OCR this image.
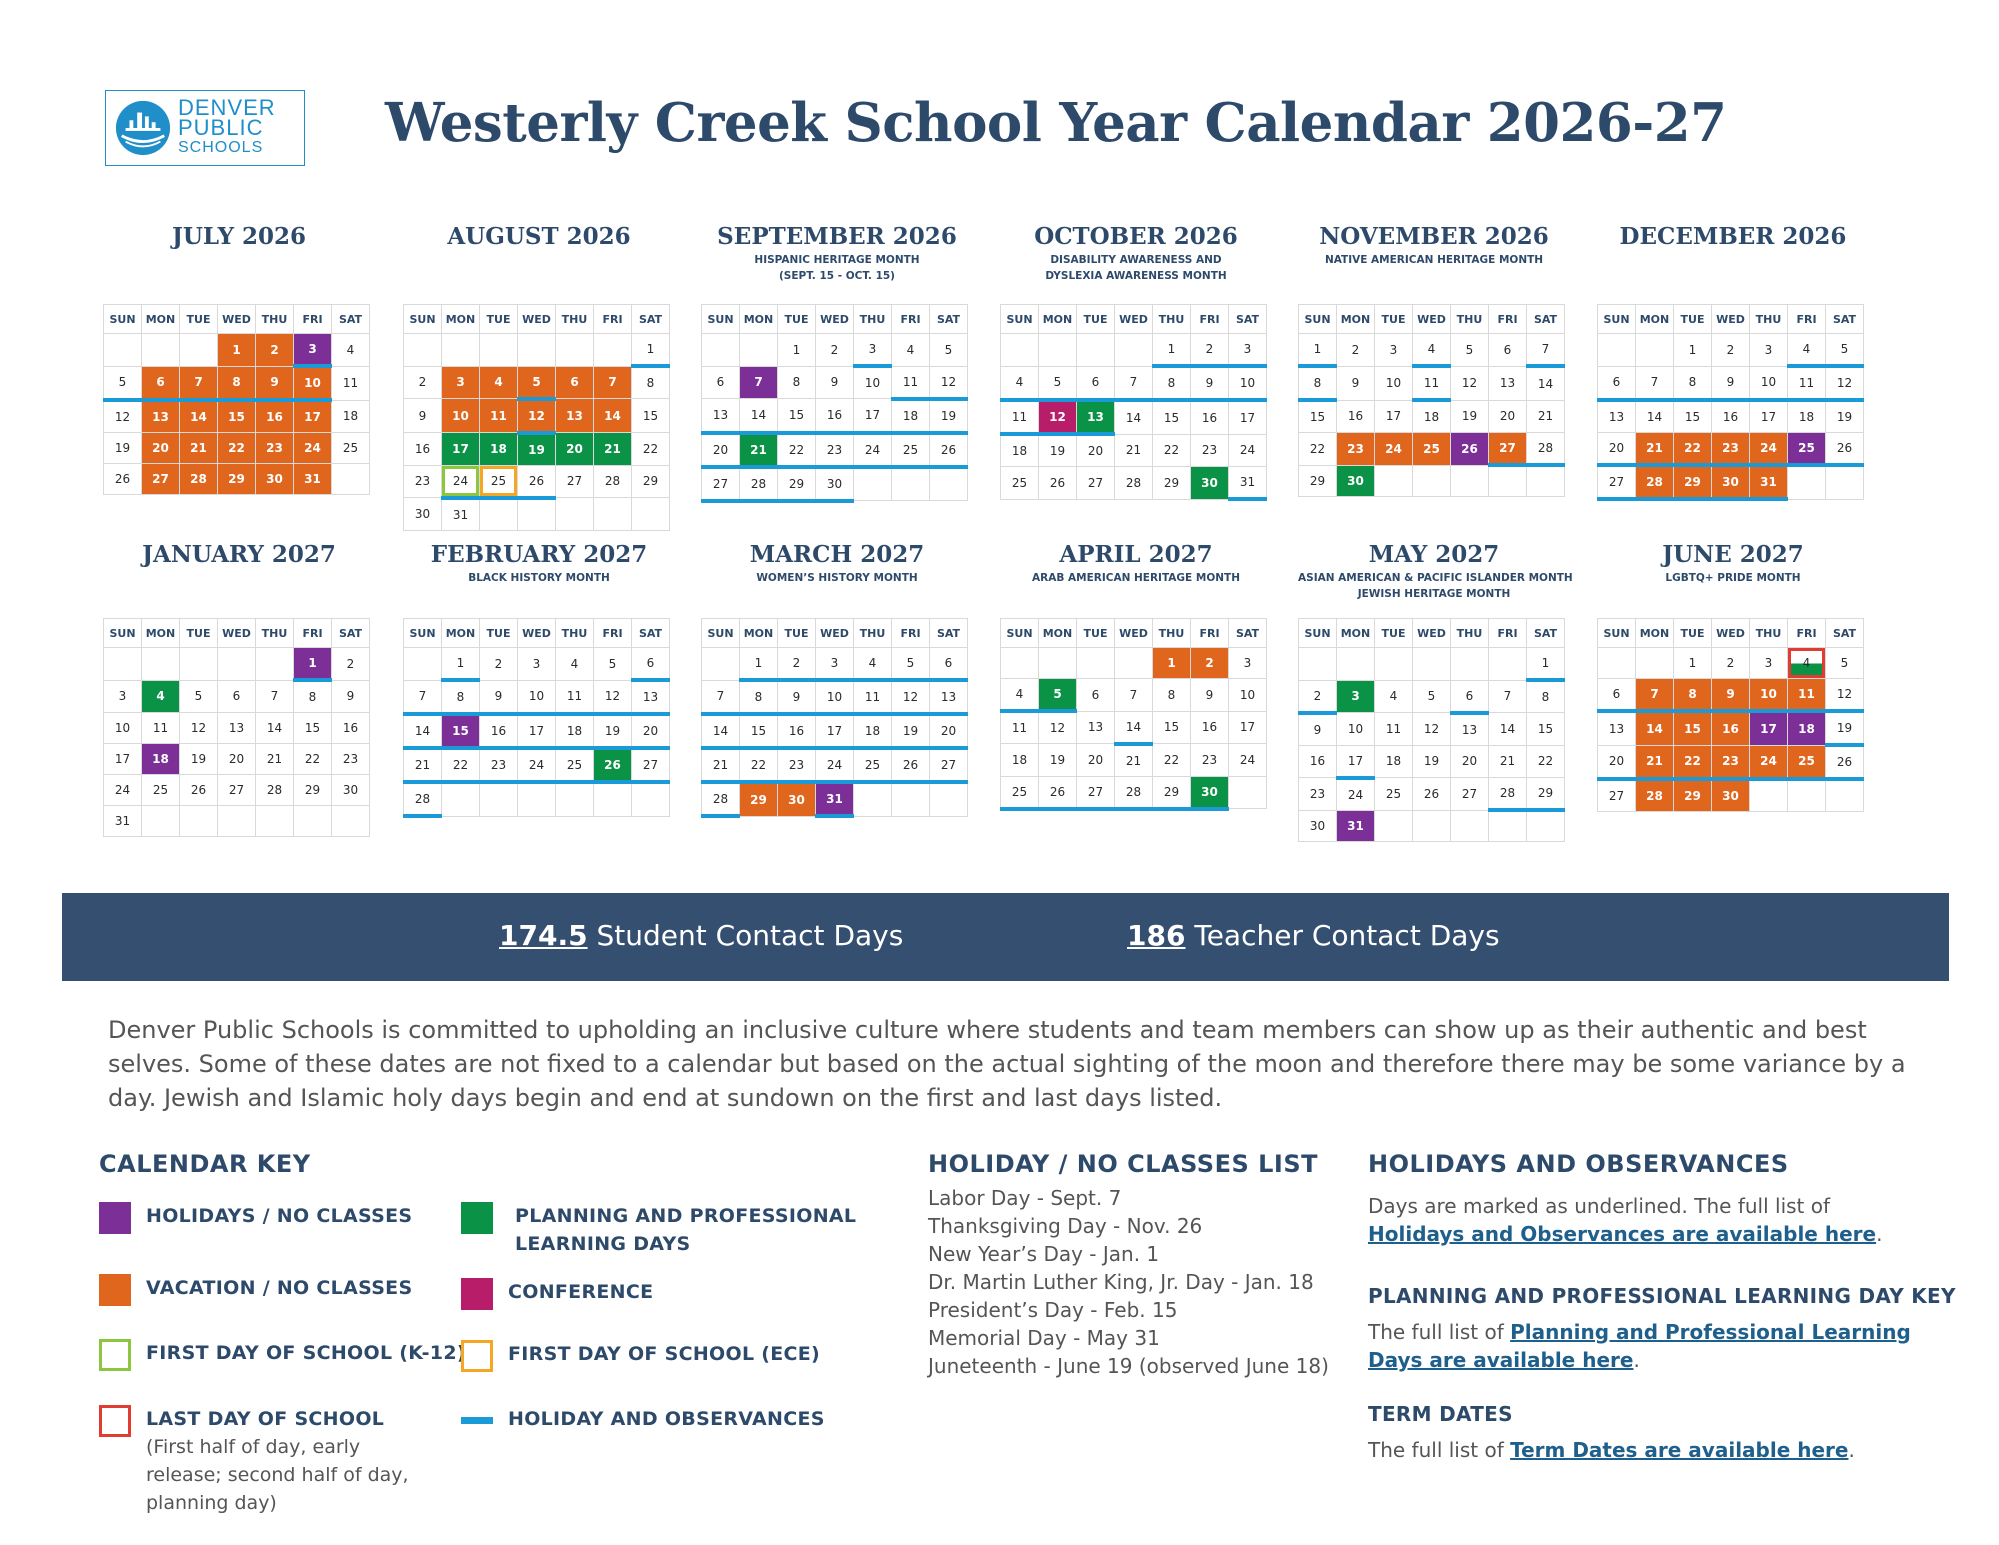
DENVER
PUBLIC
SCHOOLS Westerly Creek School Year Calendar 2026-27
JULY 2026
SUN	MON	TUE	WED	THU	FRI	SAT

			1	2	3	4

5	6	7	8	9	10	11

12	13	14	15	16	17	18

19	20	21	22	23	24	25

26	27	28	29	30	31	

AUGUST 2026
SUN	MON	TUE	WED	THU	FRI	SAT

						1

2	3	4	5	6	7	8

9	10	11	12	13	14	15

16	17	18	19	20	21	22

23	24	25	26	27	28	29

30	31					

SEPTEMBER 2026
HISPANIC HERITAGE MONTH
(SEPT. 15 - OCT. 15)
SUN	MON	TUE	WED	THU	FRI	SAT

		1	2	3	4	5

6	7	8	9	10	11	12

13	14	15	16	17	18	19

20	21	22	23	24	25	26

27	28	29	30			

OCTOBER 2026
DISABILITY AWARENESS AND
DYSLEXIA AWARENESS MONTH
SUN	MON	TUE	WED	THU	FRI	SAT

				1	2	3

4	5	6	7	8	9	10

11	12	13	14	15	16	17

18	19	20	21	22	23	24

25	26	27	28	29	30	31
NOVEMBER 2026
NATIVE AMERICAN HERITAGE MONTH
SUN	MON	TUE	WED	THU	FRI	SAT

1	2	3	4	5	6	7

8	9	10	11	12	13	14

15	16	17	18	19	20	21

22	23	24	25	26	27	28

29	30					

DECEMBER 2026
SUN	MON	TUE	WED	THU	FRI	SAT

		1	2	3	4	5

6	7	8	9	10	11	12

13	14	15	16	17	18	19

20	21	22	23	24	25	26

27	28	29	30	31		

JANUARY 2027
SUN	MON	TUE	WED	THU	FRI	SAT

					1	2

3	4	5	6	7	8	9

10	11	12	13	14	15	16

17	18	19	20	21	22	23

24	25	26	27	28	29	30

31						

FEBRUARY 2027
BLACK HISTORY MONTH
SUN	MON	TUE	WED	THU	FRI	SAT

	1	2	3	4	5	6

7	8	9	10	11	12	13

14	15	16	17	18	19	20

21	22	23	24	25	26	27

28						

MARCH 2027
WOMEN’S HISTORY MONTH
SUN	MON	TUE	WED	THU	FRI	SAT

	1	2	3	4	5	6

7	8	9	10	11	12	13

14	15	16	17	18	19	20

21	22	23	24	25	26	27

28	29	30	31			

APRIL 2027
ARAB AMERICAN HERITAGE MONTH
SUN	MON	TUE	WED	THU	FRI	SAT

				1	2	3

4	5	6	7	8	9	10

11	12	13	14	15	16	17

18	19	20	21	22	23	24

25	26	27	28	29	30	

MAY 2027
ASIAN AMERICAN & PACIFIC ISLANDER MONTH
JEWISH HERITAGE MONTH
SUN	MON	TUE	WED	THU	FRI	SAT

						1

2	3	4	5	6	7	8

9	10	11	12	13	14	15

16	17	18	19	20	21	22

23	24	25	26	27	28	29

30	31					

JUNE 2027
LGBTQ+ PRIDE MONTH
SUN	MON	TUE	WED	THU	FRI	SAT

		1	2	3	4	5

6	7	8	9	10	11	12

13	14	15	16	17	18	19

20	21	22	23	24	25	26

27	28	29	30			

174.5 Student Contact Days	186 Teacher Contact Days
Denver Public Schools is committed to upholding an inclusive culture where students and team members can show up as their authentic and best selves. Some of these dates are not fixed to a calendar but based on the actual sighting of the moon and therefore there may be some variance by a day. Jewish and Islamic holy days begin and end at sundown on the first and last days listed.
CALENDAR KEY
HOLIDAYS / NO CLASSES	PLANNING AND PROFESSIONAL
LEARNING DAYS
VACATION / NO CLASSES	CONFERENCE
FIRST DAY OF SCHOOL (K-12) FIRST DAY OF SCHOOL (ECE)
LAST DAY OF SCHOOL
(First half of day, early
release; second half of day,
planning day)
HOLIDAY AND OBSERVANCES
HOLIDAY / NO CLASSES LIST
Labor Day - Sept. 7
Thanksgiving Day - Nov. 26
New Year’s Day - Jan. 1
Dr. Martin Luther King, Jr. Day - Jan. 18
President’s Day - Feb. 15
Memorial Day - May 31
Juneteenth - June 19 (observed June 18)
HOLIDAYS AND OBSERVANCES
Days are marked as underlined. The full list of
Holidays and Observances are available here.
PLANNING AND PROFESSIONAL LEARNING DAY KEY
The full list of Planning and Professional Learning
Days are available here.
TERM DATES
The full list of Term Dates are available here.
